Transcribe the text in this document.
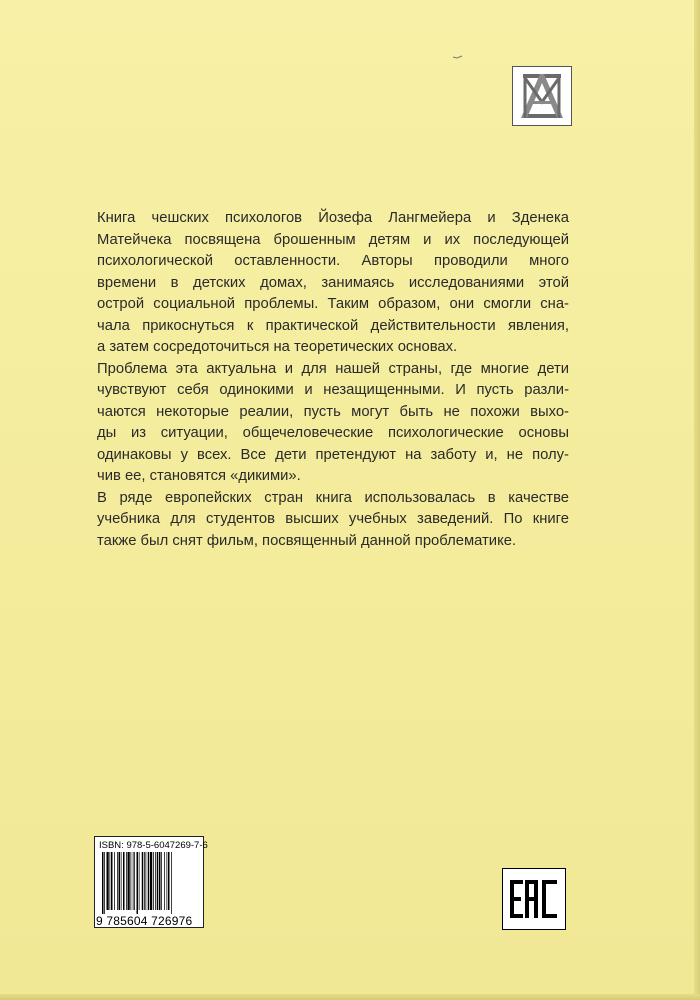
Книга чешских психологов Йозефа Лангмейера и Зденека
Матейчека посвящена брошенным детям и их последующей
психологической оставленности. Авторы проводили много
времени в детских домах, занимаясь исследованиями этой
острой социальной проблемы. Таким образом, они смогли сна-
чала прикоснуться к практической действительности явления,
а затем сосредоточиться на теоретических основах.

Проблема эта актуальна и для нашей страны, где многие дети
чувствуют себя одинокими и незащищенными. И пусть разли-
чаются некоторые реалии, пусть могут быть не похожи выхо-
ды из ситуации, общечеловеческие психологические основы
одинаковы у всех. Все дети претендуют на заботу и, не полу-
чив ее, становятся «дикими».

В ряде европейских стран книга использовалась в качестве
учебника для студентов высших учебных заведений. По книге
также был снят фильм, посвященный данной проблематике.

ISBN: 978-5-6047269-7-6
9 785604 726976
